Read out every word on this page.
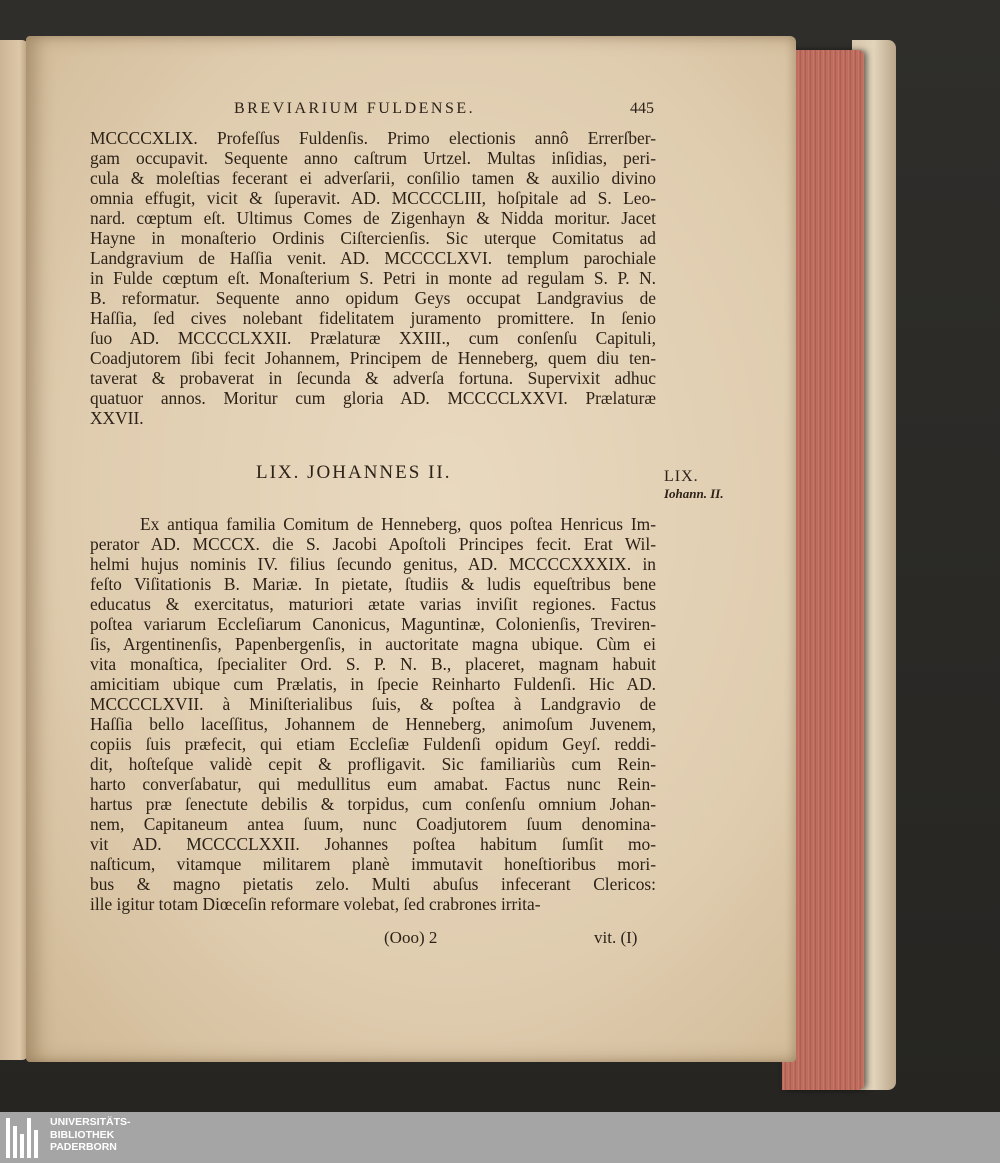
BREVIARIUM FULDENSE.	445
MCCCCXLIX. Profeſſus Fuldenſis. Primo electionis annô Errerſber-
gam occupavit. Sequente anno caſtrum Urtzel. Multas inſidias, peri-
cula & moleſtias fecerant ei adverſarii, conſilio tamen & auxilio divino
omnia effugit, vicit & ſuperavit. AD. MCCCCLIII, hoſpitale ad S. Leo-
nard. cœptum eſt. Ultimus Comes de Zigenhayn & Nidda moritur. Jacet
Hayne in monaſterio Ordinis Ciſtercienſis. Sic uterque Comitatus ad
Landgravium de Haſſia venit. AD. MCCCCLXVI. templum parochiale
in Fulde cœptum eſt. Monaſterium S. Petri in monte ad regulam S. P. N.
B. reformatur. Sequente anno opidum Geys occupat Landgravius de
Haſſia, ſed cives nolebant fidelitatem juramento promittere. In ſenio
ſuo AD. MCCCCLXXII. Prælaturæ XXIII., cum conſenſu Capituli,
Coadjutorem ſibi fecit Johannem, Principem de Henneberg, quem diu ten-
taverat & probaverat in ſecunda & adverſa fortuna. Supervixit adhuc
quatuor annos. Moritur cum gloria AD. MCCCCLXXVI. Prælaturæ
XXVII.
LIX. JOHANNES II.	LIX.
Iohann. II.
Ex antiqua familia Comitum de Henneberg, quos poſtea Henricus Im-
perator AD. MCCCX. die S. Jacobi Apoſtoli Principes fecit. Erat Wil-
helmi hujus nominis IV. filius ſecundo genitus, AD. MCCCCXXXIX. in
feſto Viſitationis B. Mariæ. In pietate, ſtudiis & ludis equeſtribus bene
educatus & exercitatus, maturiori ætate varias inviſit regiones. Factus
poſtea variarum Eccleſiarum Canonicus, Maguntinæ, Colonienſis, Treviren-
ſis, Argentinenſis, Papenbergenſis, in auctoritate magna ubique. Cùm ei
vita monaſtica, ſpecialiter Ord. S. P. N. B., placeret, magnam habuit
amicitiam ubique cum Prælatis, in ſpecie Reinharto Fuldenſi. Hic AD.
MCCCCLXVII. à Miniſterialibus ſuis, & poſtea à Landgravio de
Haſſia bello laceſſitus, Johannem de Henneberg, animoſum Juvenem,
copiis ſuis præfecit, qui etiam Eccleſiæ Fuldenſi opidum Geyſ. reddi-
dit, hoſteſque validè cepit & profligavit. Sic familiariùs cum Rein-
harto converſabatur, qui medullitus eum amabat. Factus nunc Rein-
hartus præ ſenectute debilis & torpidus, cum conſenſu omnium Johan-
nem, Capitaneum antea ſuum, nunc Coadjutorem ſuum denomina-
vit AD. MCCCCLXXII. Johannes poſtea habitum ſumſit mo-
naſticum, vitamque militarem planè immutavit honeſtioribus mori-
bus & magno pietatis zelo. Multi abuſus infecerant Clericos:
ille igitur totam Diœceſin reformare volebat, ſed crabrones irrita-
(Ooo) 2	vit. (I)
UNIVERSITÄTS-
BIBLIOTHEK
PADERBORN
